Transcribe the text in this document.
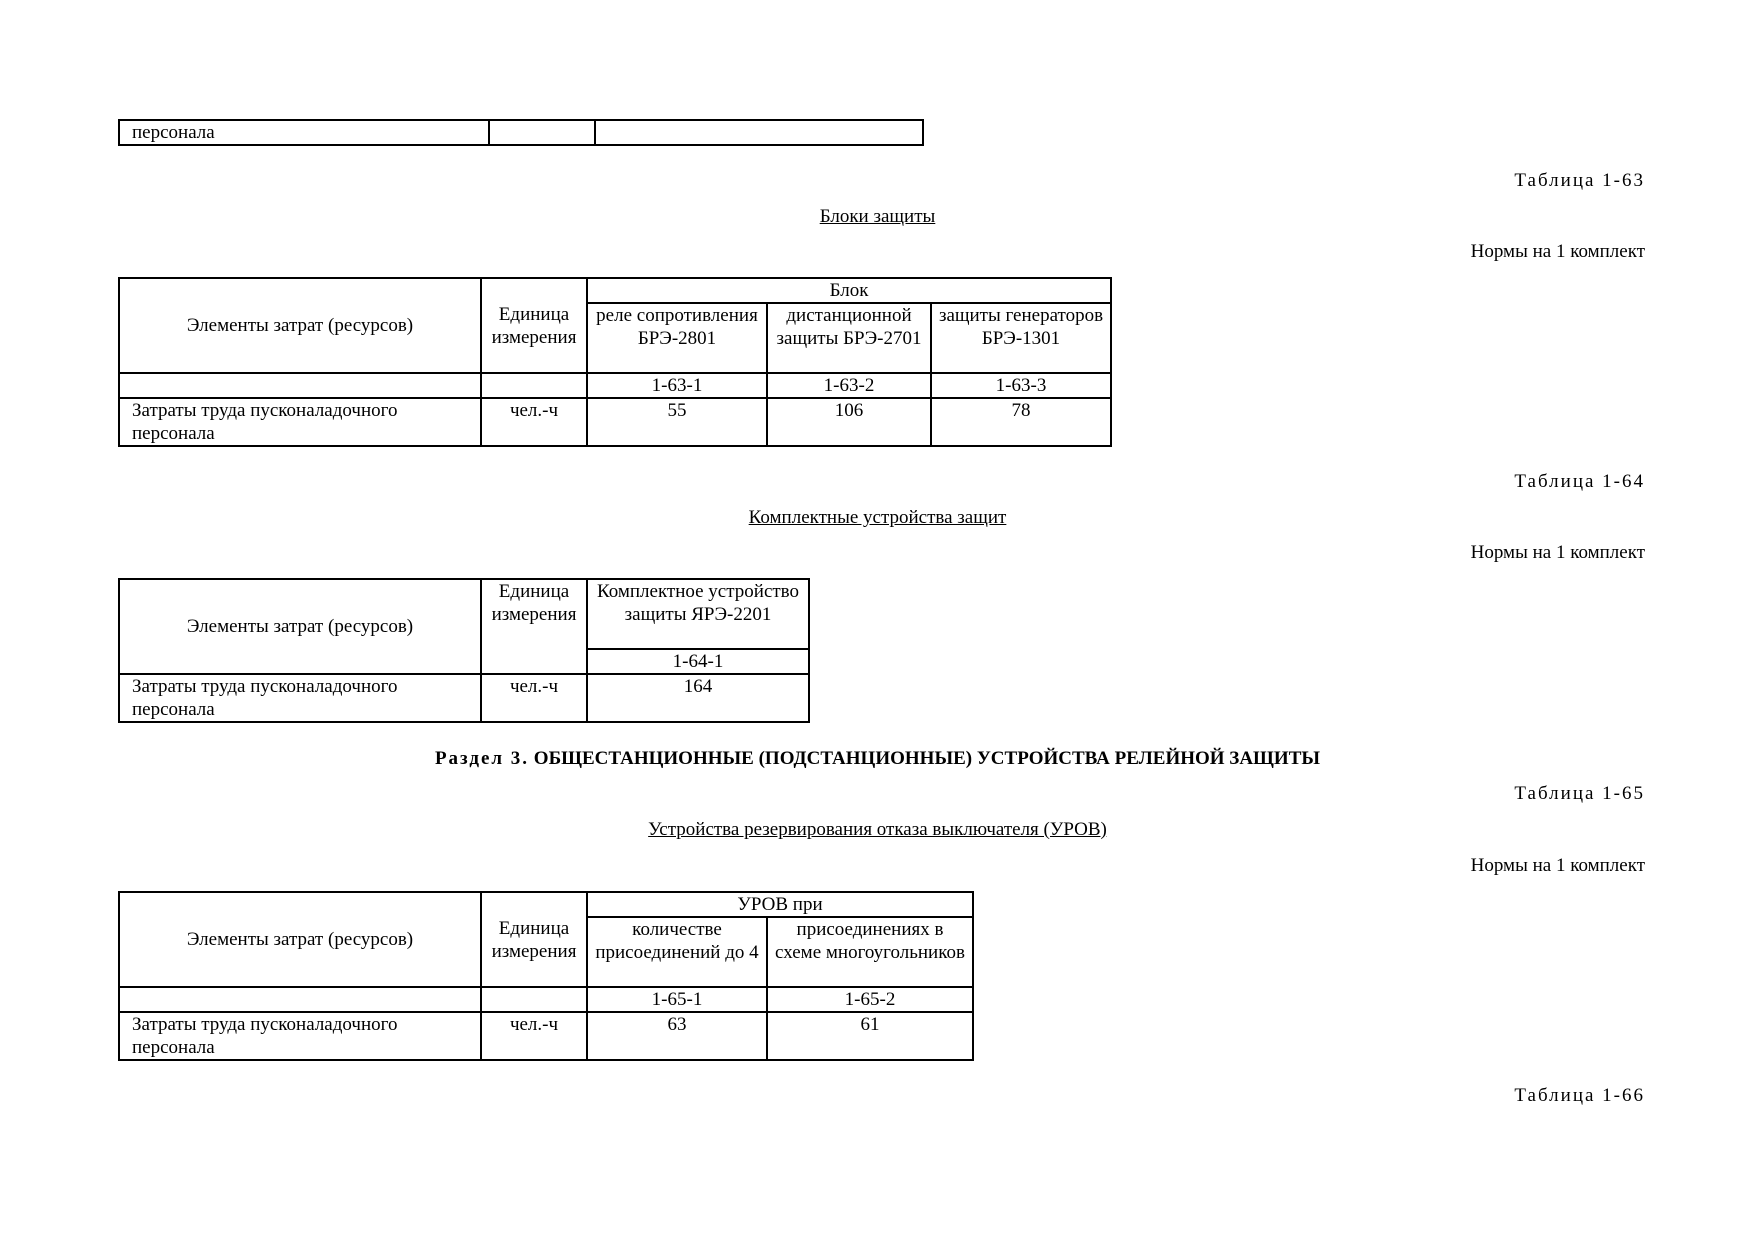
персонала		
Таблица 1-63
Блоки защиты
Нормы на 1 комплект
Элементы затрат (ресурсов)	Единица измерения	Блок		
		реле сопротивления БРЭ-2801	дистанционной защиты БРЭ-2701	защиты генераторов БРЭ-1301
		1-63-1	1-63-2	1-63-3
Затраты труда пусконаладочного персонала	чел.-ч	55	106	78
Таблица 1-64
Комплектные устройства защит
Нормы на 1 комплект
Элементы затрат (ресурсов)	Единица измерения	Комплектное устройство защиты ЯРЭ-2201
		1-64-1
Затраты труда пусконаладочного персонала	чел.-ч	164
Раздел 3. ОБЩЕСТАНЦИОННЫЕ (ПОДСТАНЦИОННЫЕ) УСТРОЙСТВА РЕЛЕЙНОЙ ЗАЩИТЫ
Таблица 1-65
Устройства резервирования отказа выключателя (УРОВ)
Нормы на 1 комплект
Элементы затрат (ресурсов)	Единица измерения	УРОВ при	
		количестве присоединений до 4	присоединениях в схеме многоугольников
		1-65-1	1-65-2
Затраты труда пусконаладочного персонала	чел.-ч	63	61
Таблица 1-66
